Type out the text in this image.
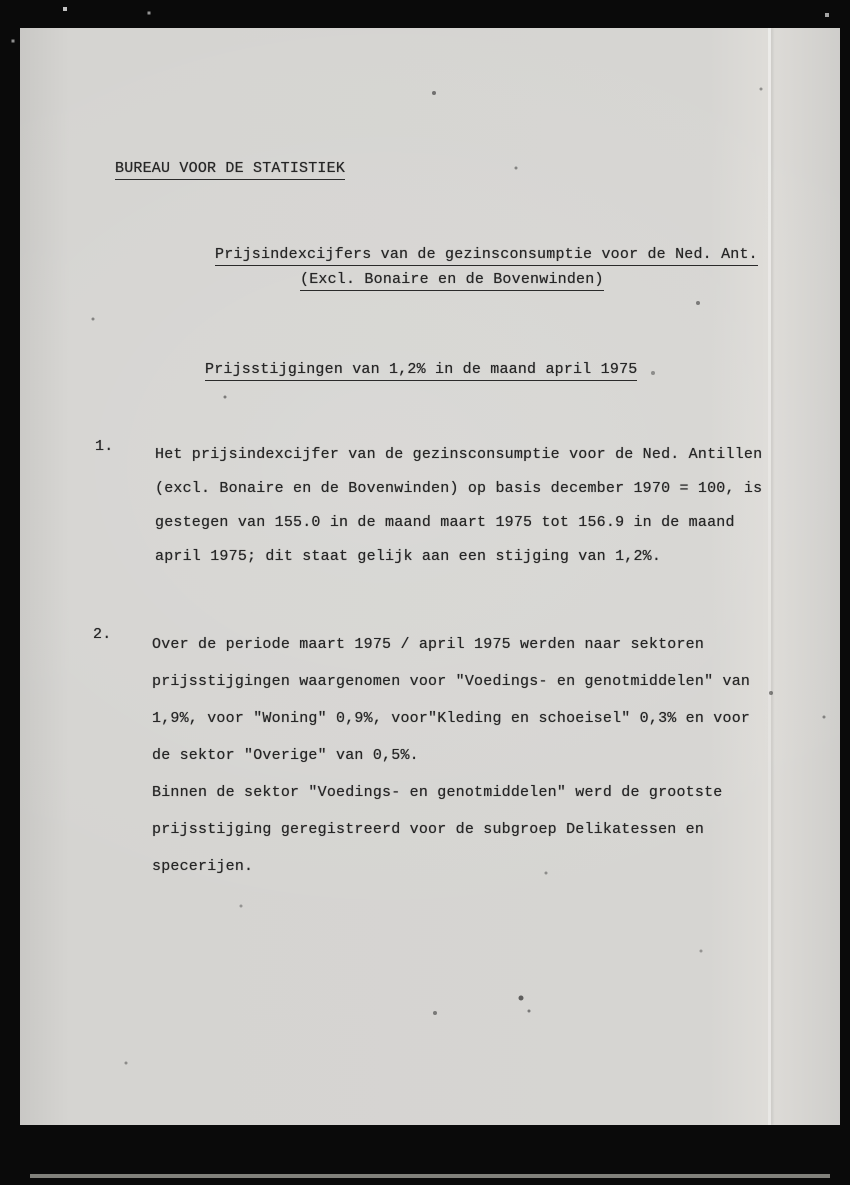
BUREAU VOOR DE STATISTIEK
Prijsindexcijfers van de gezinsconsumptie voor de Ned. Ant.
(Excl. Bonaire en de Bovenwinden)
Prijsstijgingen van 1,2% in de maand april 1975
1.	Het prijsindexcijfer van de gezinsconsumptie voor de Ned. Antillen
(excl. Bonaire en de Bovenwinden) op basis december 1970 = 100, is
gestegen van 155.0 in de maand maart 1975 tot 156.9 in de maand
april 1975; dit staat gelijk aan een stijging van 1,2%.
2.
Over de periode maart 1975 / april 1975 werden naar sektoren
prijsstijgingen waargenomen voor "Voedings- en genotmiddelen" van
1,9%, voor "Woning" 0,9%, voor"Kleding en schoeisel" 0,3% en voor
de sektor "Overige" van 0,5%.
Binnen de sektor "Voedings- en genotmiddelen" werd de grootste
prijsstijging geregistreerd voor de subgroep Delikatessen en
specerijen.
